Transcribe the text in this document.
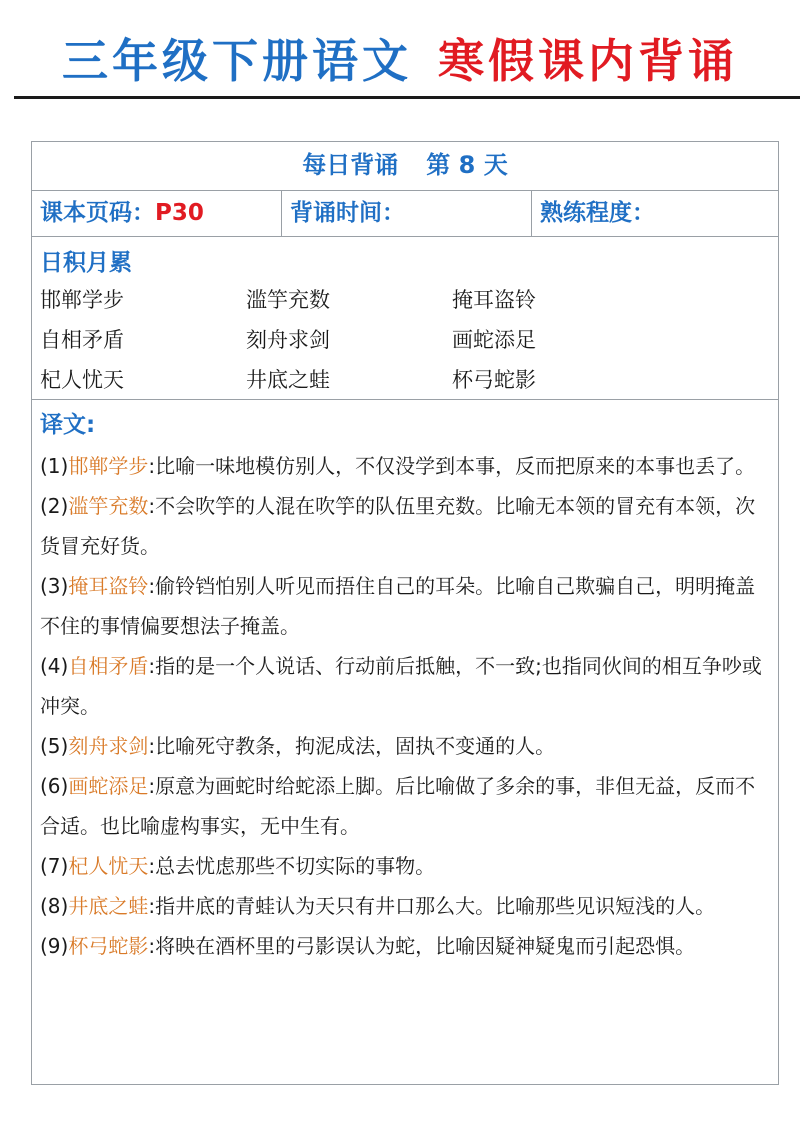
三年级下册语文 寒假课内背诵
每日背诵 第 8 天
课本页码：P30	背诵时间：	熟练程度：
日积月累
邯郸学步	滥竽充数	掩耳盗铃
自相矛盾	刻舟求剑	画蛇添足
杞人忧天	井底之蛙	杯弓蛇影
译文:

(1)邯郸学步:比喻一味地模仿别人，不仅没学到本事，反而把原来的本事也丢了。

(2)滥竽充数:不会吹竽的人混在吹竽的队伍里充数。比喻无本领的冒充有本领，次货冒充好货。

(3)掩耳盗铃:偷铃铛怕别人听见而捂住自己的耳朵。比喻自己欺骗自己，明明掩盖不住的事情偏要想法子掩盖。

(4)自相矛盾:指的是一个人说话、行动前后抵触，不一致;也指同伙间的相互争吵或冲突。

(5)刻舟求剑:比喻死守教条，拘泥成法，固执不变通的人。

(6)画蛇添足:原意为画蛇时给蛇添上脚。后比喻做了多余的事，非但无益，反而不合适。也比喻虚构事实，无中生有。

(7)杞人忧天:总去忧虑那些不切实际的事物。

(8)井底之蛙:指井底的青蛙认为天只有井口那么大。比喻那些见识短浅的人。

(9)杯弓蛇影:将映在酒杯里的弓影误认为蛇，比喻因疑神疑鬼而引起恐惧。
